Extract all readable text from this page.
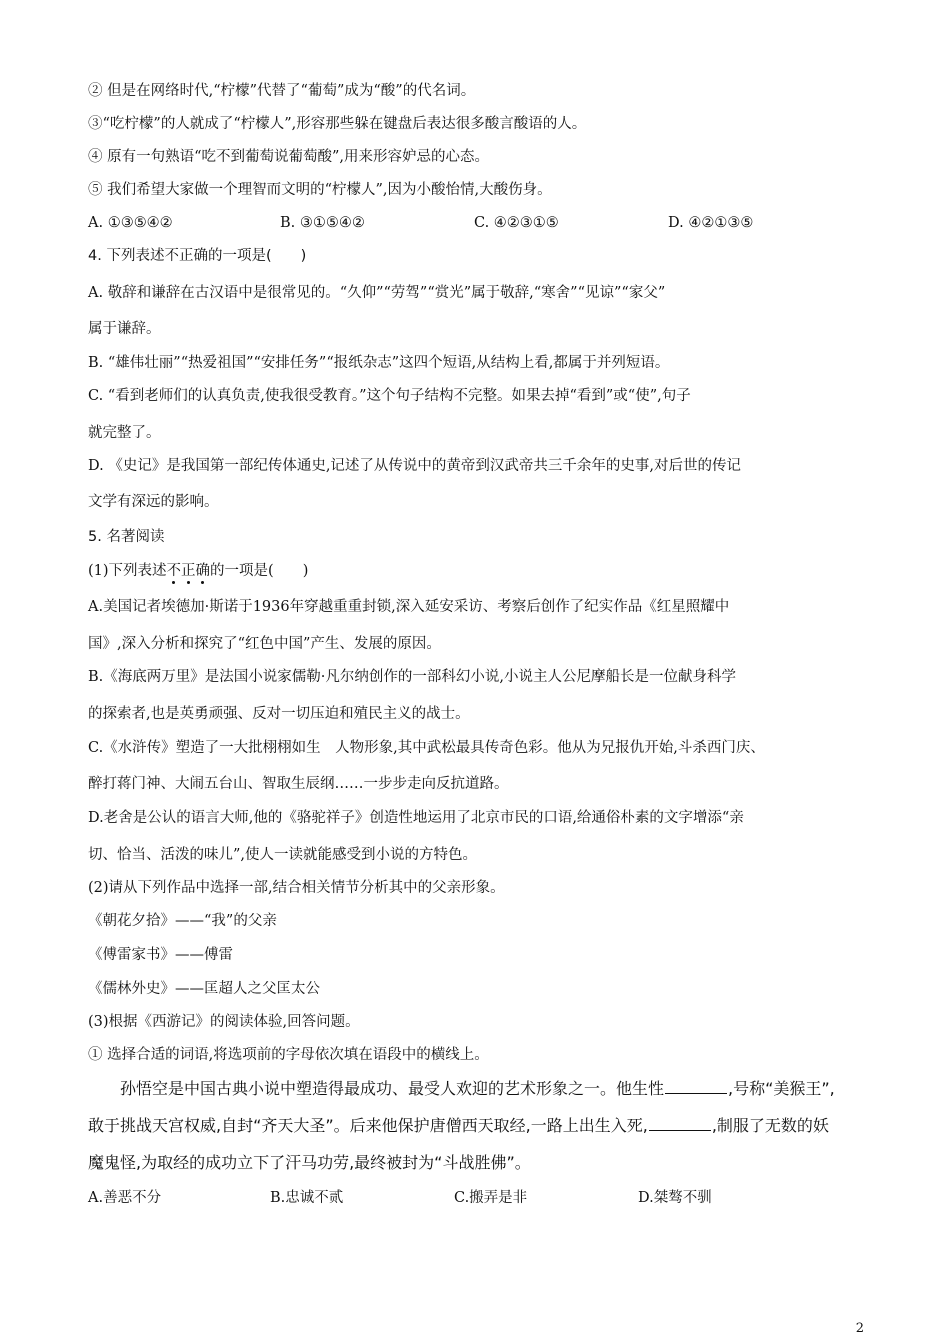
② 但是在网络时代,“柠檬”代替了“葡萄”成为“酸”的代名词。
③“吃柠檬”的人就成了“柠檬人”,形容那些躲在键盘后表达很多酸言酸语的人。
④ 原有一句熟语“吃不到葡萄说葡萄酸”,用来形容妒忌的心态。
⑤ 我们希望大家做一个理智而文明的“柠檬人”,因为小酸怡情,大酸伤身。
A. ①③⑤④②	B. ③①⑤④②	C. ④②③①⑤	D. ④②①③⑤
4. 下列表述不正确的一项是(　　)
A. 敬辞和谦辞在古汉语中是很常见的。“久仰”“劳驾”“赏光”属于敬辞,“寒舍”“见谅”“家父”
属于谦辞。
B. “雄伟壮丽”“热爱祖国”“安排任务”“报纸杂志”这四个短语,从结构上看,都属于并列短语。
C. “看到老师们的认真负责,使我很受教育。”这个句子结构不完整。如果去掉“看到”或“使”,句子
就完整了。
D. 《史记》是我国第一部纪传体通史,记述了从传说中的黄帝到汉武帝共三千余年的史事,对后世的传记
文学有深远的影响。
5. 名著阅读
(1)下列表述不正确的一项是(　　)
A.美国记者埃德加·斯诺于1936年穿越重重封锁,深入延安采访、考察后创作了纪实作品《红星照耀中
国》,深入分析和探究了“红色中国”产生、发展的原因。
B.《海底两万里》是法国小说家儒勒·凡尔纳创作的一部科幻小说,小说主人公尼摩船长是一位献身科学
的探索者,也是英勇顽强、反对一切压迫和殖民主义的战士。
C.《水浒传》塑造了一大批栩栩如生　人物形象,其中武松最具传奇色彩。他从为兄报仇开始,斗杀西门庆、
醉打蒋门神、大闹五台山、智取生辰纲……一步步走向反抗道路。
D.老舍是公认的语言大师,他的《骆驼祥子》创造性地运用了北京市民的口语,给通俗朴素的文字增添“亲
切、恰当、活泼的味儿”,使人一读就能感受到小说的方特色。
(2)请从下列作品中选择一部,结合相关情节分析其中的父亲形象。
《朝花夕拾》——“我”的父亲
《傅雷家书》——傅雷
《儒林外史》——匡超人之父匡太公
(3)根据《西游记》的阅读体验,回答问题。
① 选择合适的词语,将选项前的字母依次填在语段中的横线上。
孙悟空是中国古典小说中塑造得最成功、最受人欢迎的艺术形象之一。他生性	,号称“美猴王”,
敢于挑战天宫权威,自封“齐天大圣”。后来他保护唐僧西天取经,一路上出生入死,	,制服了无数的妖
魔鬼怪,为取经的成功立下了汗马功劳,最终被封为“斗战胜佛”。
A.善恶不分	B.忠诚不贰	C.搬弄是非	D.桀骜不驯
2
